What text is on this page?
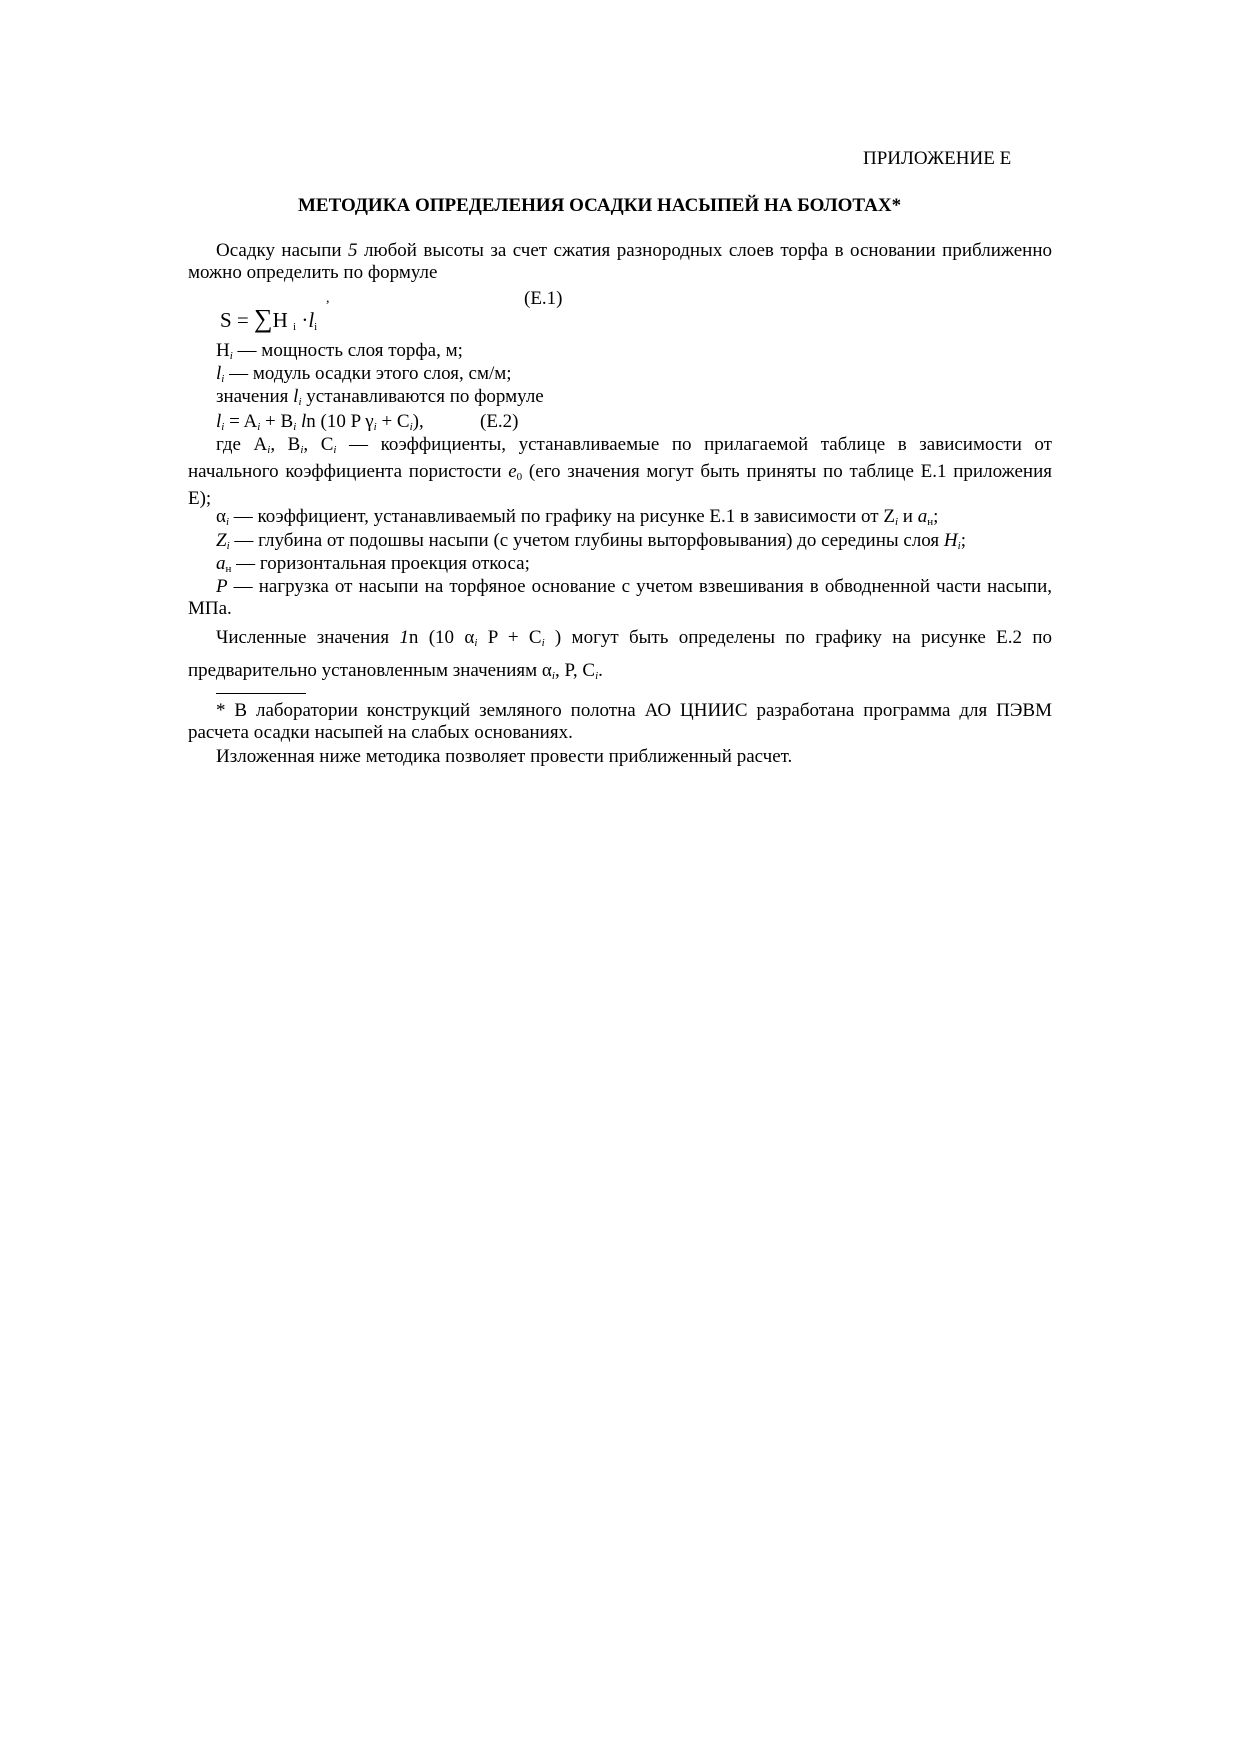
ПРИЛОЖЕНИЕ Е
МЕТОДИКА ОПРЕДЕЛЕНИЯ ОСАДКИ НАСЫПЕЙ НА БОЛОТАХ*
Осадку насыпи 5 любой высоты за счет сжатия разнородных слоев торфа в основании приближенно можно определить по формуле
S = ∑H $_i \cdot l_i$
,	(Е.1)
$H_i$ — мощность слоя торфа, м;
$l_i$ — модуль осадки этого слоя, см/м;
значения $l_i$ устанавливаются по формуле
$l_i = A_i + B_i$ ln (10 P $\gamma_i + C_i$),	(Е.2)
где $A_i$, $B_i$, $C_i$ — коэффициенты, устанавливаемые по прилагаемой таблице в зависимости от начального коэффициента пористости $e_0$ (его значения могут быть приняты по таблице Е.1 приложения Е);
$\alpha_i$ — коэффициент, устанавливаемый по графику на рисунке Е.1 в зависимости от $Z_i$ и $a_н$;
$Z_i$ — глубина от подошвы насыпи (с учетом глубины выторфовывания) до середины слоя $H_i$;
$a_н$ — горизонтальная проекция откоса;
P — нагрузка от насыпи на торфяное основание с учетом взвешивания в обводненной части насыпи, МПа.
Численные значения 1n (10 $\alpha_i$ $P + C_i$ ) могут быть определены по графику на рисунке Е.2 по предварительно установленным значениям $\alpha_i$, P, $C_i$.
* В лаборатории конструкций земляного полотна АО ЦНИИС разработана программа для ПЭВМ расчета осадки насыпей на слабых основаниях.
Изложенная ниже методика позволяет провести приближенный расчет.
